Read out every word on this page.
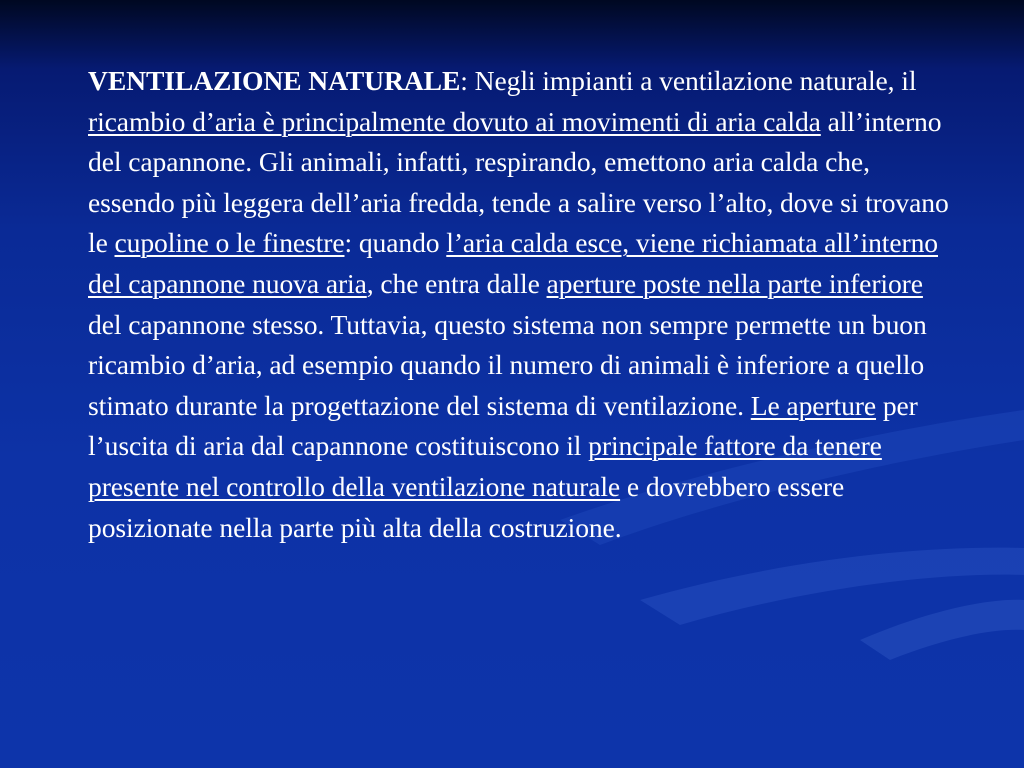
VENTILAZIONE NATURALE: Negli impianti a ventilazione naturale, il ricambio d’aria è principalmente dovuto ai movimenti di aria calda all’interno del capannone. Gli animali, infatti, respirando, emettono aria calda che, essendo più leggera dell’aria fredda, tende a salire verso l’alto, dove si trovano le cupoline o le finestre: quando l’aria calda esce, viene richiamata all’interno del capannone nuova aria, che entra dalle aperture poste nella parte inferiore del capannone stesso. Tuttavia, questo sistema non sempre permette un buon ricambio d’aria, ad esempio quando il numero di animali è inferiore a quello stimato durante la progettazione del sistema di ventilazione. Le aperture per l’uscita di aria dal capannone costituiscono il principale fattore da tenere presente nel controllo della ventilazione naturale e dovrebbero essere posizionate nella parte più alta della costruzione.
